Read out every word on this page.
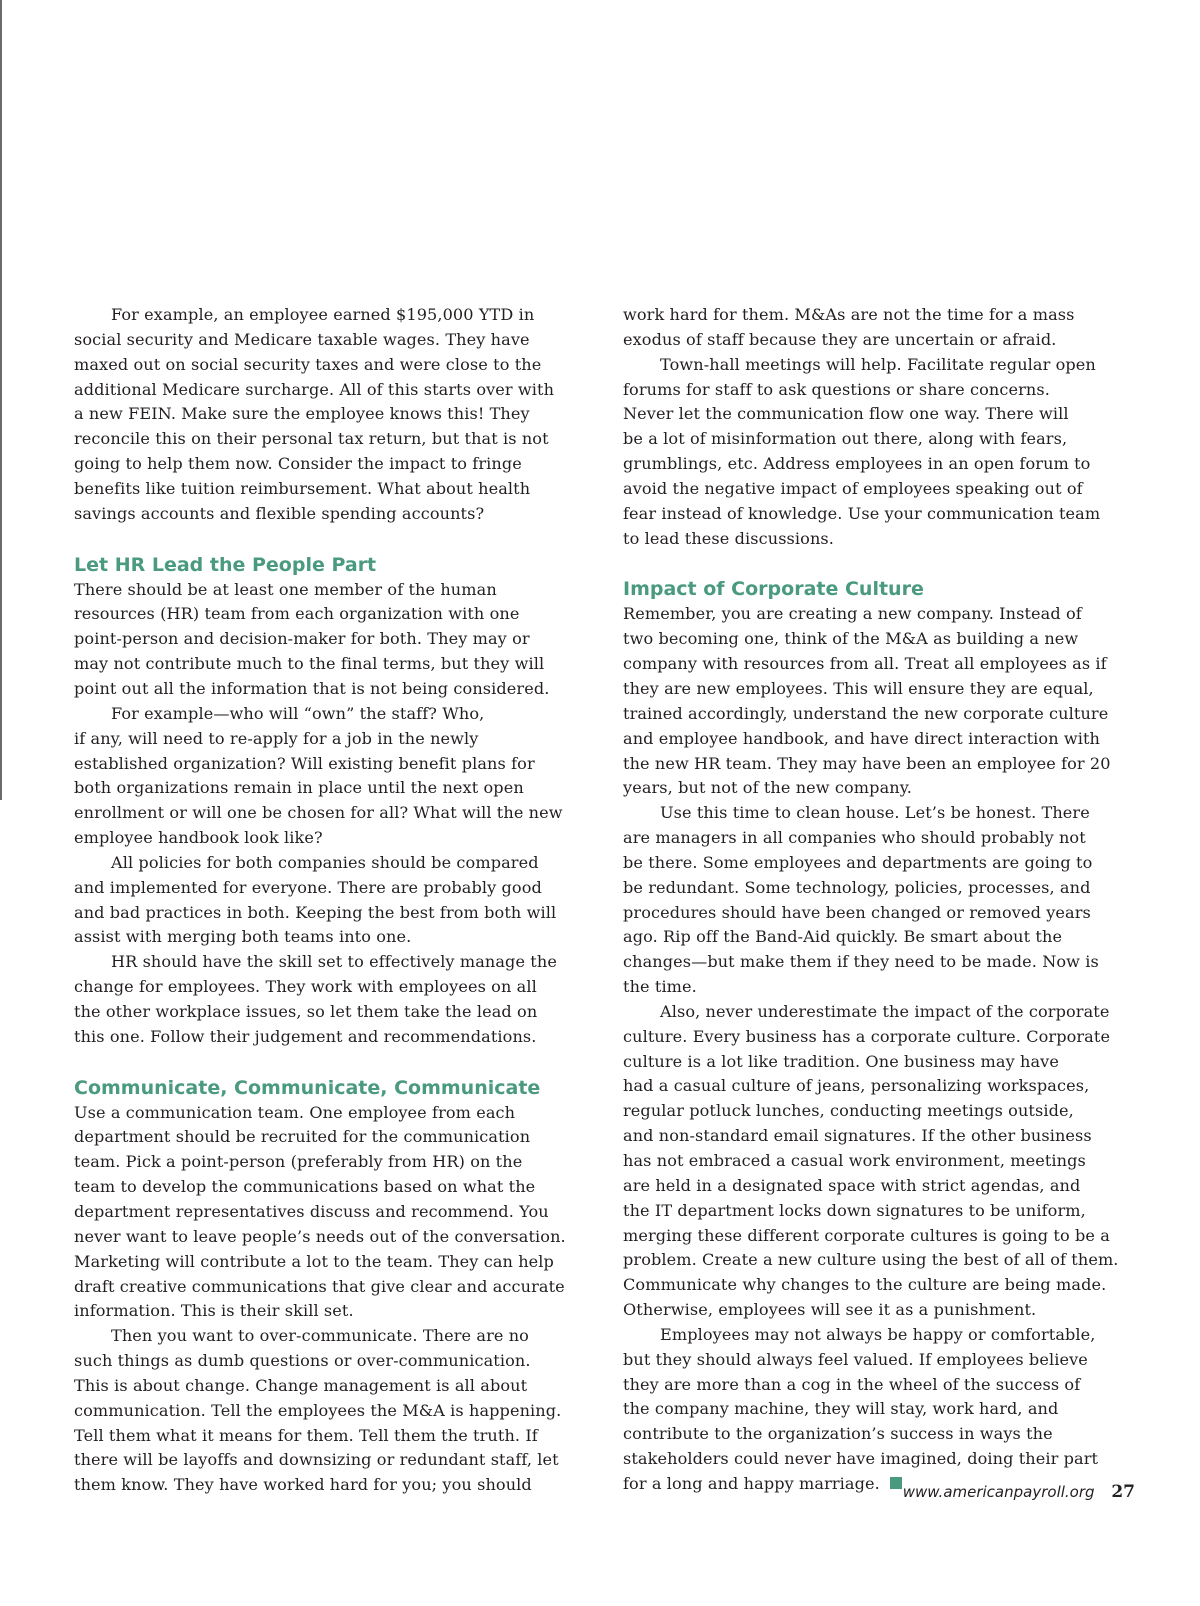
For example, an employee earned $195,000 YTD in
social security and Medicare taxable wages. They have
maxed out on social security taxes and were close to the
additional Medicare surcharge. All of this starts over with
a new FEIN. Make sure the employee knows this! They
reconcile this on their personal tax return, but that is not
going to help them now. Consider the impact to fringe
benefits like tuition reimbursement. What about health
savings accounts and flexible spending accounts?

Let HR Lead the People Part

There should be at least one member of the human
resources (HR) team from each organization with one
point-person and decision-maker for both. They may or
may not contribute much to the final terms, but they will
point out all the information that is not being considered.

For example—who will “own” the staff? Who,
if any, will need to re-apply for a job in the newly
established organization? Will existing benefit plans for
both organizations remain in place until the next open
enrollment or will one be chosen for all? What will the new
employee handbook look like?

All policies for both companies should be compared
and implemented for everyone. There are probably good
and bad practices in both. Keeping the best from both will
assist with merging both teams into one.

HR should have the skill set to effectively manage the
change for employees. They work with employees on all
the other workplace issues, so let them take the lead on
this one. Follow their judgement and recommendations.

Communicate, Communicate, Communicate

Use a communication team. One employee from each
department should be recruited for the communication
team. Pick a point-person (preferably from HR) on the
team to develop the communications based on what the
department representatives discuss and recommend. You
never want to leave people’s needs out of the conversation.
Marketing will contribute a lot to the team. They can help
draft creative communications that give clear and accurate
information. This is their skill set.

Then you want to over-communicate. There are no
such things as dumb questions or over-communication.
This is about change. Change management is all about
communication. Tell the employees the M&A is happening.
Tell them what it means for them. Tell them the truth. If
there will be layoffs and downsizing or redundant staff, let
them know. They have worked hard for you; you should

work hard for them. M&As are not the time for a mass
exodus of staff because they are uncertain or afraid.

Town-hall meetings will help. Facilitate regular open
forums for staff to ask questions or share concerns.
Never let the communication flow one way. There will
be a lot of misinformation out there, along with fears,
grumblings, etc. Address employees in an open forum to
avoid the negative impact of employees speaking out of
fear instead of knowledge. Use your communication team
to lead these discussions.

Impact of Corporate Culture

Remember, you are creating a new company. Instead of
two becoming one, think of the M&A as building a new
company with resources from all. Treat all employees as if
they are new employees. This will ensure they are equal,
trained accordingly, understand the new corporate culture
and employee handbook, and have direct interaction with
the new HR team. They may have been an employee for 20
years, but not of the new company.

Use this time to clean house. Let’s be honest. There
are managers in all companies who should probably not
be there. Some employees and departments are going to
be redundant. Some technology, policies, processes, and
procedures should have been changed or removed years
ago. Rip off the Band-Aid quickly. Be smart about the
changes—but make them if they need to be made. Now is
the time.

Also, never underestimate the impact of the corporate
culture. Every business has a corporate culture. Corporate
culture is a lot like tradition. One business may have
had a casual culture of jeans, personalizing workspaces,
regular potluck lunches, conducting meetings outside,
and non-standard email signatures. If the other business
has not embraced a casual work environment, meetings
are held in a designated space with strict agendas, and
the IT department locks down signatures to be uniform,
merging these different corporate cultures is going to be a
problem. Create a new culture using the best of all of them.
Communicate why changes to the culture are being made.
Otherwise, employees will see it as a punishment.

Employees may not always be happy or comfortable,
but they should always feel valued. If employees believe
they are more than a cog in the wheel of the success of
the company machine, they will stay, work hard, and
contribute to the organization’s success in ways the
stakeholders could never have imagined, doing their part
for a long and happy marriage.	www.americanpayroll.org 27
